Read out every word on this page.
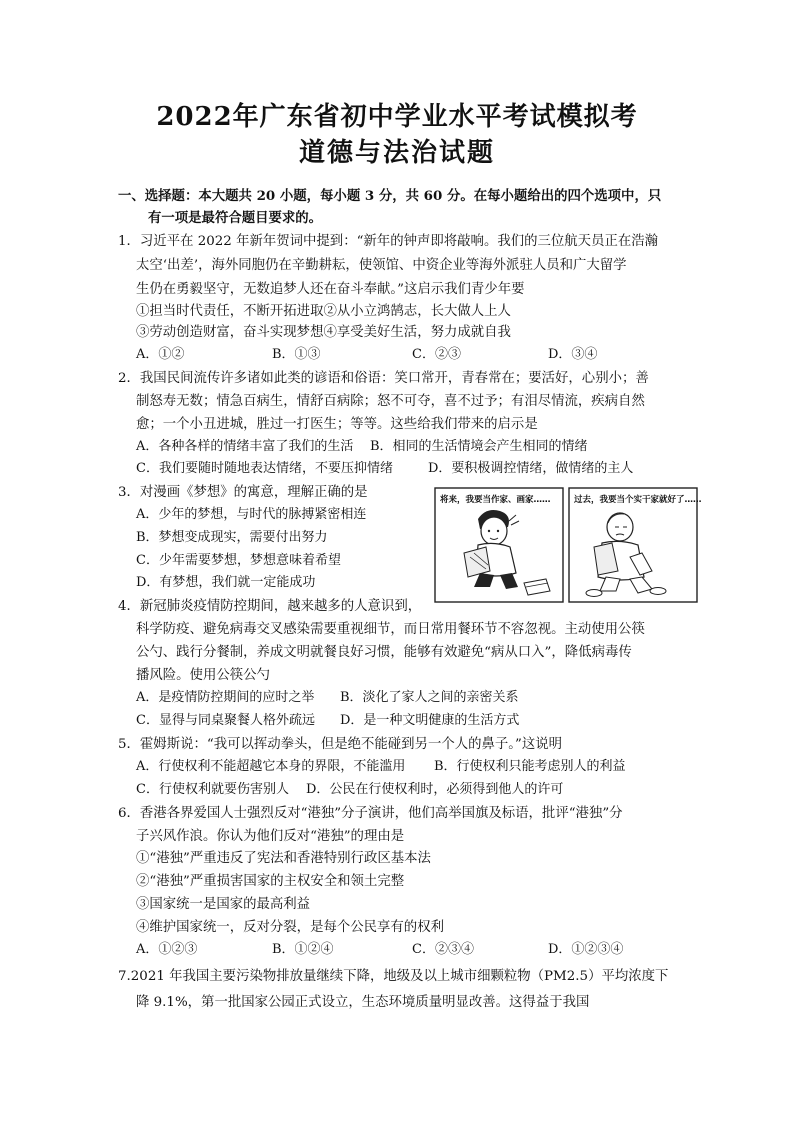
2022年广东省初中学业水平考试模拟考
道德与法治试题
一、选择题：本大题共 20 小题，每小题 3 分，共 60 分。在每小题给出的四个选项中，只
有一项是最符合题目要求的。
1．习近平在 2022 年新年贺词中提到：“新年的钟声即将敲响。我们的三位航天员正在浩瀚
太空‘出差’，海外同胞仍在辛勤耕耘，使领馆、中资企业等海外派驻人员和广大留学
生仍在勇毅坚守，无数追梦人还在奋斗奉献。”这启示我们青少年要
①担当时代责任，不断开拓进取②从小立鸿鹄志，长大做人上人
③劳动创造财富，奋斗实现梦想④享受美好生活，努力成就自我
A．①②	B．①③	C．②③	D．③④
2．我国民间流传许多诸如此类的谚语和俗语：笑口常开，青春常在；要活好，心别小；善
制怒寿无数；情急百病生，情舒百病除；怒不可夺，喜不过予；有泪尽情流，疾病自然
愈；一个小丑进城，胜过一打医生；等等。这些给我们带来的启示是
A．各种各样的情绪丰富了我们的生活 B．相同的生活情境会产生相同的情绪
C．我们要随时随地表达情绪，不要压抑情绪	D．要积极调控情绪，做情绪的主人
3．对漫画《梦想》的寓意，理解正确的是
A．少年的梦想，与时代的脉搏紧密相连
B．梦想变成现实，需要付出努力
C．少年需要梦想，梦想意味着希望
D．有梦想，我们就一定能成功
将来，我要当作家、画家……	过去，我要当个实干家就好了……
4．新冠肺炎疫情防控期间，越来越多的人意识到，
科学防疫、避免病毒交叉感染需要重视细节，而日常用餐环节不容忽视。主动使用公筷
公勺、践行分餐制，养成文明就餐良好习惯，能够有效避免“病从口入”，降低病毒传
播风险。使用公筷公勺
A．是疫情防控期间的应时之举 B．淡化了家人之间的亲密关系
C．显得与同桌聚餐人格外疏远 D．是一种文明健康的生活方式
5．霍姆斯说：“我可以挥动拳头，但是绝不能碰到另一个人的鼻子。”这说明
A．行使权利不能超越它本身的界限，不能滥用 B．行使权利只能考虑别人的利益
C．行使权利就要伤害别人 D．公民在行使权利时，必须得到他人的许可
6．香港各界爱国人士强烈反对“港独”分子演讲，他们高举国旗及标语，批评“港独”分
子兴风作浪。你认为他们反对“港独”的理由是
①“港独”严重违反了宪法和香港特别行政区基本法
②“港独”严重损害国家的主权安全和领土完整
③国家统一是国家的最高利益
④维护国家统一，反对分裂，是每个公民享有的权利
A．①②③	B．①②④	C．②③④	D．①②③④
7.2021 年我国主要污染物排放量继续下降，地级及以上城市细颗粒物（PM2.5）平均浓度下
降 9.1%，第一批国家公园正式设立，生态环境质量明显改善。这得益于我国
